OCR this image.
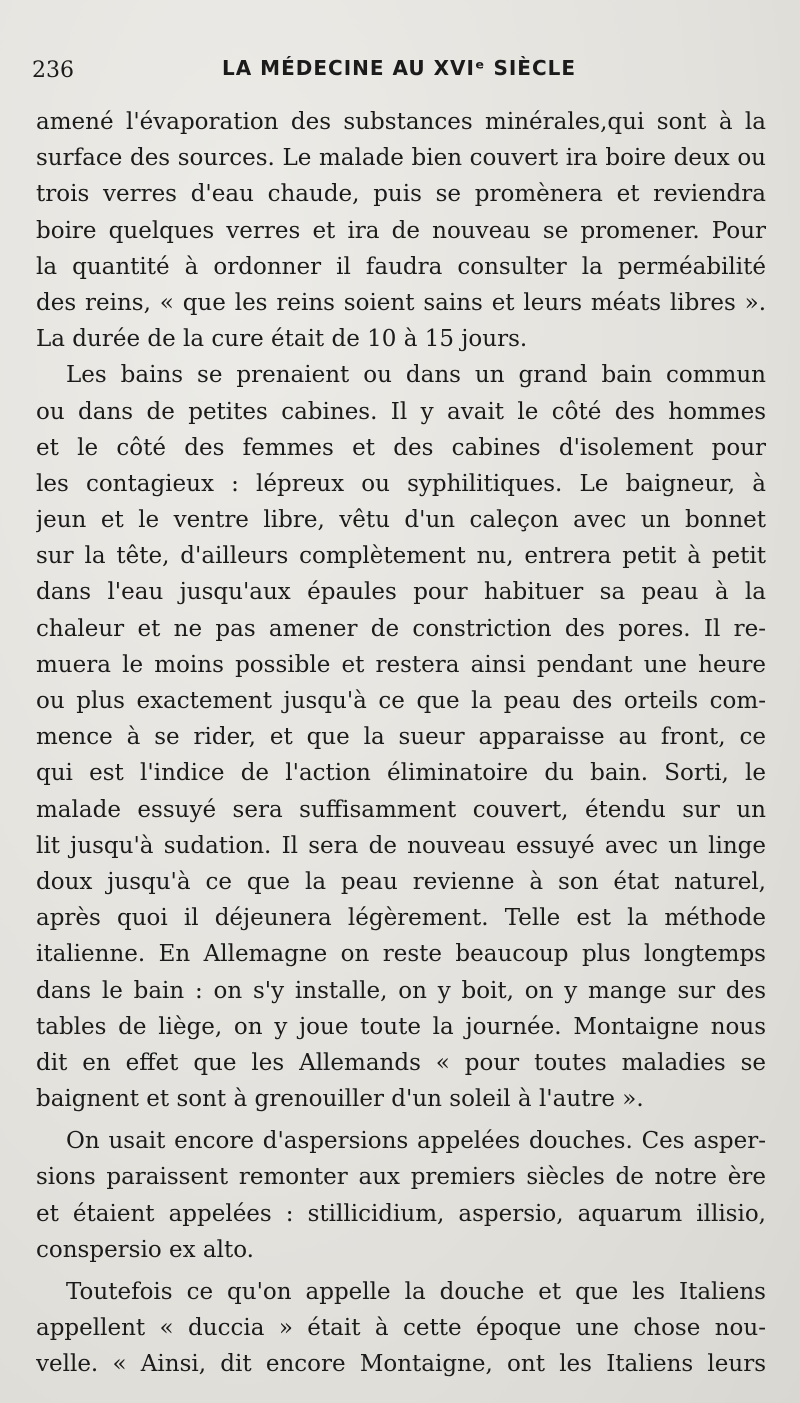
236	LA MÉDECINE AU XVIᵉ SIÈCLE
amené l'évaporation des substances minérales,qui sont à la
surface des sources. Le malade bien couvert ira boire deux ou
trois verres d'eau chaude, puis se promènera et reviendra
boire quelques verres et ira de nouveau se promener. Pour
la quantité à ordonner il faudra consulter la perméabilité
des reins, « que les reins soient sains et leurs méats libres ».
La durée de la cure était de 10 à 15 jours.
Les bains se prenaient ou dans un grand bain commun
ou dans de petites cabines. Il y avait le côté des hommes
et le côté des femmes et des cabines d'isolement pour
les contagieux : lépreux ou syphilitiques. Le baigneur, à
jeun et le ventre libre, vêtu d'un caleçon avec un bonnet
sur la tête, d'ailleurs complètement nu, entrera petit à petit
dans l'eau jusqu'aux épaules pour habituer sa peau à la
chaleur et ne pas amener de constriction des pores. Il re-
muera le moins possible et restera ainsi pendant une heure
ou plus exactement jusqu'à ce que la peau des orteils com-
mence à se rider, et que la sueur apparaisse au front, ce
qui est l'indice de l'action éliminatoire du bain. Sorti, le
malade essuyé sera suffisamment couvert, étendu sur un
lit jusqu'à sudation. Il sera de nouveau essuyé avec un linge
doux jusqu'à ce que la peau revienne à son état naturel,
après quoi il déjeunera légèrement. Telle est la méthode
italienne. En Allemagne on reste beaucoup plus longtemps
dans le bain : on s'y installe, on y boit, on y mange sur des
tables de liège, on y joue toute la journée. Montaigne nous
dit en effet que les Allemands « pour toutes maladies se
baignent et sont à grenouiller d'un soleil à l'autre ».
On usait encore d'aspersions appelées douches. Ces asper-
sions paraissent remonter aux premiers siècles de notre ère
et étaient appelées : stillicidium, aspersio, aquarum illisio,
conspersio ex alto.
Toutefois ce qu'on appelle la douche et que les Italiens
appellent « duccia » était à cette époque une chose nou-
velle. « Ainsi, dit encore Montaigne, ont les Italiens leurs
